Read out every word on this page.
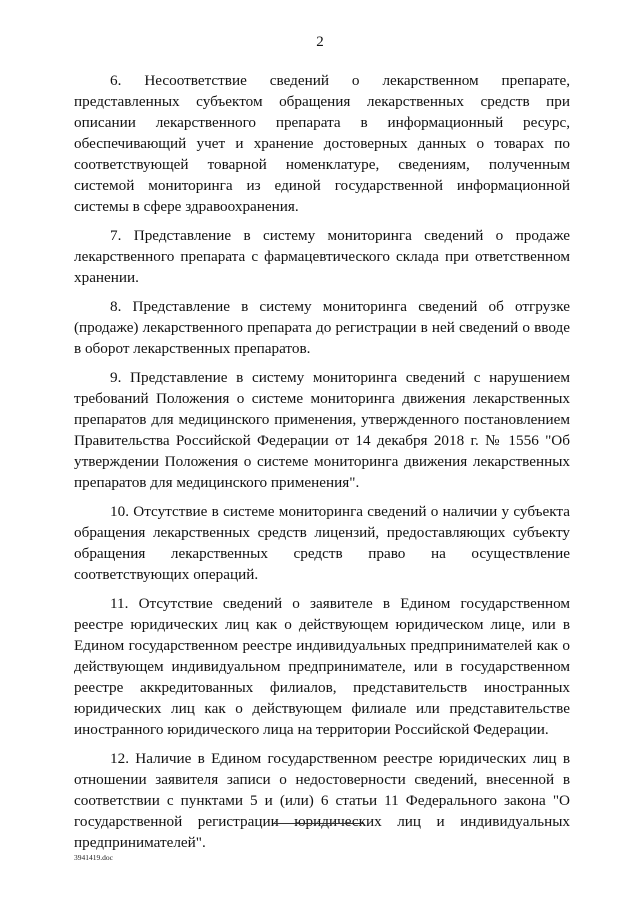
2

6. Несоответствие сведений о лекарственном препарате, представленных субъектом обращения лекарственных средств при описании лекарственного препарата в информационный ресурс, обеспечивающий учет и хранение достоверных данных о товарах по соответствующей товарной номенклатуре, сведениям, полученным системой мониторинга из единой государственной информационной системы в сфере здравоохранения.

7. Представление в систему мониторинга сведений о продаже лекарственного препарата с фармацевтического склада при ответственном хранении.

8. Представление в систему мониторинга сведений об отгрузке (продаже) лекарственного препарата до регистрации в ней сведений о вводе в оборот лекарственных препаратов.

9. Представление в систему мониторинга сведений с нарушением требований Положения о системе мониторинга движения лекарственных препаратов для медицинского применения, утвержденного постановлением Правительства Российской Федерации от 14 декабря 2018 г. № 1556 "Об утверждении Положения о системе мониторинга движения лекарственных препаратов для медицинского применения".

10. Отсутствие в системе мониторинга сведений о наличии у субъекта обращения лекарственных средств лицензий, предоставляющих субъекту обращения лекарственных средств право на осуществление соответствующих операций.

11. Отсутствие сведений о заявителе в Едином государственном реестре юридических лиц как о действующем юридическом лице, или в Едином государственном реестре индивидуальных предпринимателей как о действующем индивидуальном предпринимателе, или в государственном реестре аккредитованных филиалов, представительств иностранных юридических лиц как о действующем филиале или представительстве иностранного юридического лица на территории Российской Федерации.

12. Наличие в Едином государственном реестре юридических лиц в отношении заявителя записи о недостоверности сведений, внесенной в соответствии с пунктами 5 и (или) 6 статьи 11 Федерального закона "О государственной регистрации юридических лиц и индивидуальных предпринимателей".

3941419.doc
